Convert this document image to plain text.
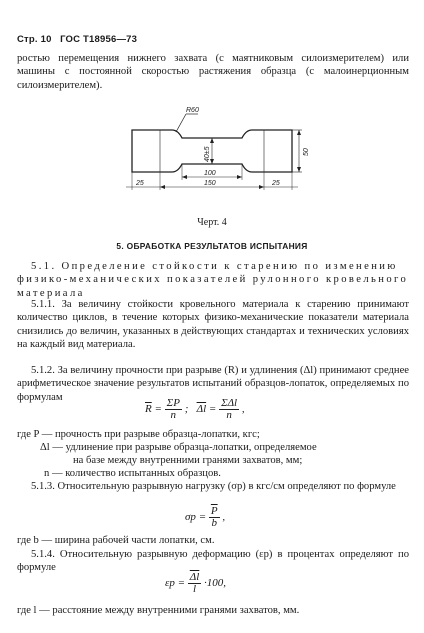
Стр. 10 ГОС Т18956—73
ростью перемещения нижнего захвата (с маятниковым силоизмерителем) или машины с постоянной скоростью растяжения образца (с малоинерционным силоизмерителем).
R60
40±5	50
100
150
25	25
Черт. 4
5. ОБРАБОТКА РЕЗУЛЬТАТОВ ИСПЫТАНИЯ
5.1. Определение стойкости к старению по изменению физико-механических показателей рулонного кровельного материала
5.1.1. За величину стойкости кровельного материала к старению принимают количество циклов, в течение которых физико-механические показатели материала снизились до величин, указанных в действующих стандартах и технических условиях на каждый вид материала.
5.1.2. За величину прочности при разрыве (R) и удлинения (Δl) принимают среднее арифметическое значение результатов испытаний образцов-лопаток, определяемых по формулам
$\overline{R} = \frac{\Sigma P}{n}$ ; $\overline{\Delta l} = \frac{\text{ΣΔl}}{n}$ ,
где P — прочность при разрыве образца-лопатки, кгс;
Δl — удлинение при разрыве образца-лопатки, определяемое
на базе между внутренними гранями захватов, мм;
n — количество испытанных образцов.
5.1.3. Относительную разрывную нагрузку (σр) в кгс/см определяют по формуле
$\sigma р = \frac{\overline{P}}{b}$ ,
где b — ширина рабочей части лопатки, см.
5.1.4. Относительную разрывную деформацию (εр) в процентах определяют по формуле
$\varepsilon р = \frac{\overline{\Delta l}}{l} \cdot 100$,
где l — расстояние между внутренними гранями захватов, мм.
